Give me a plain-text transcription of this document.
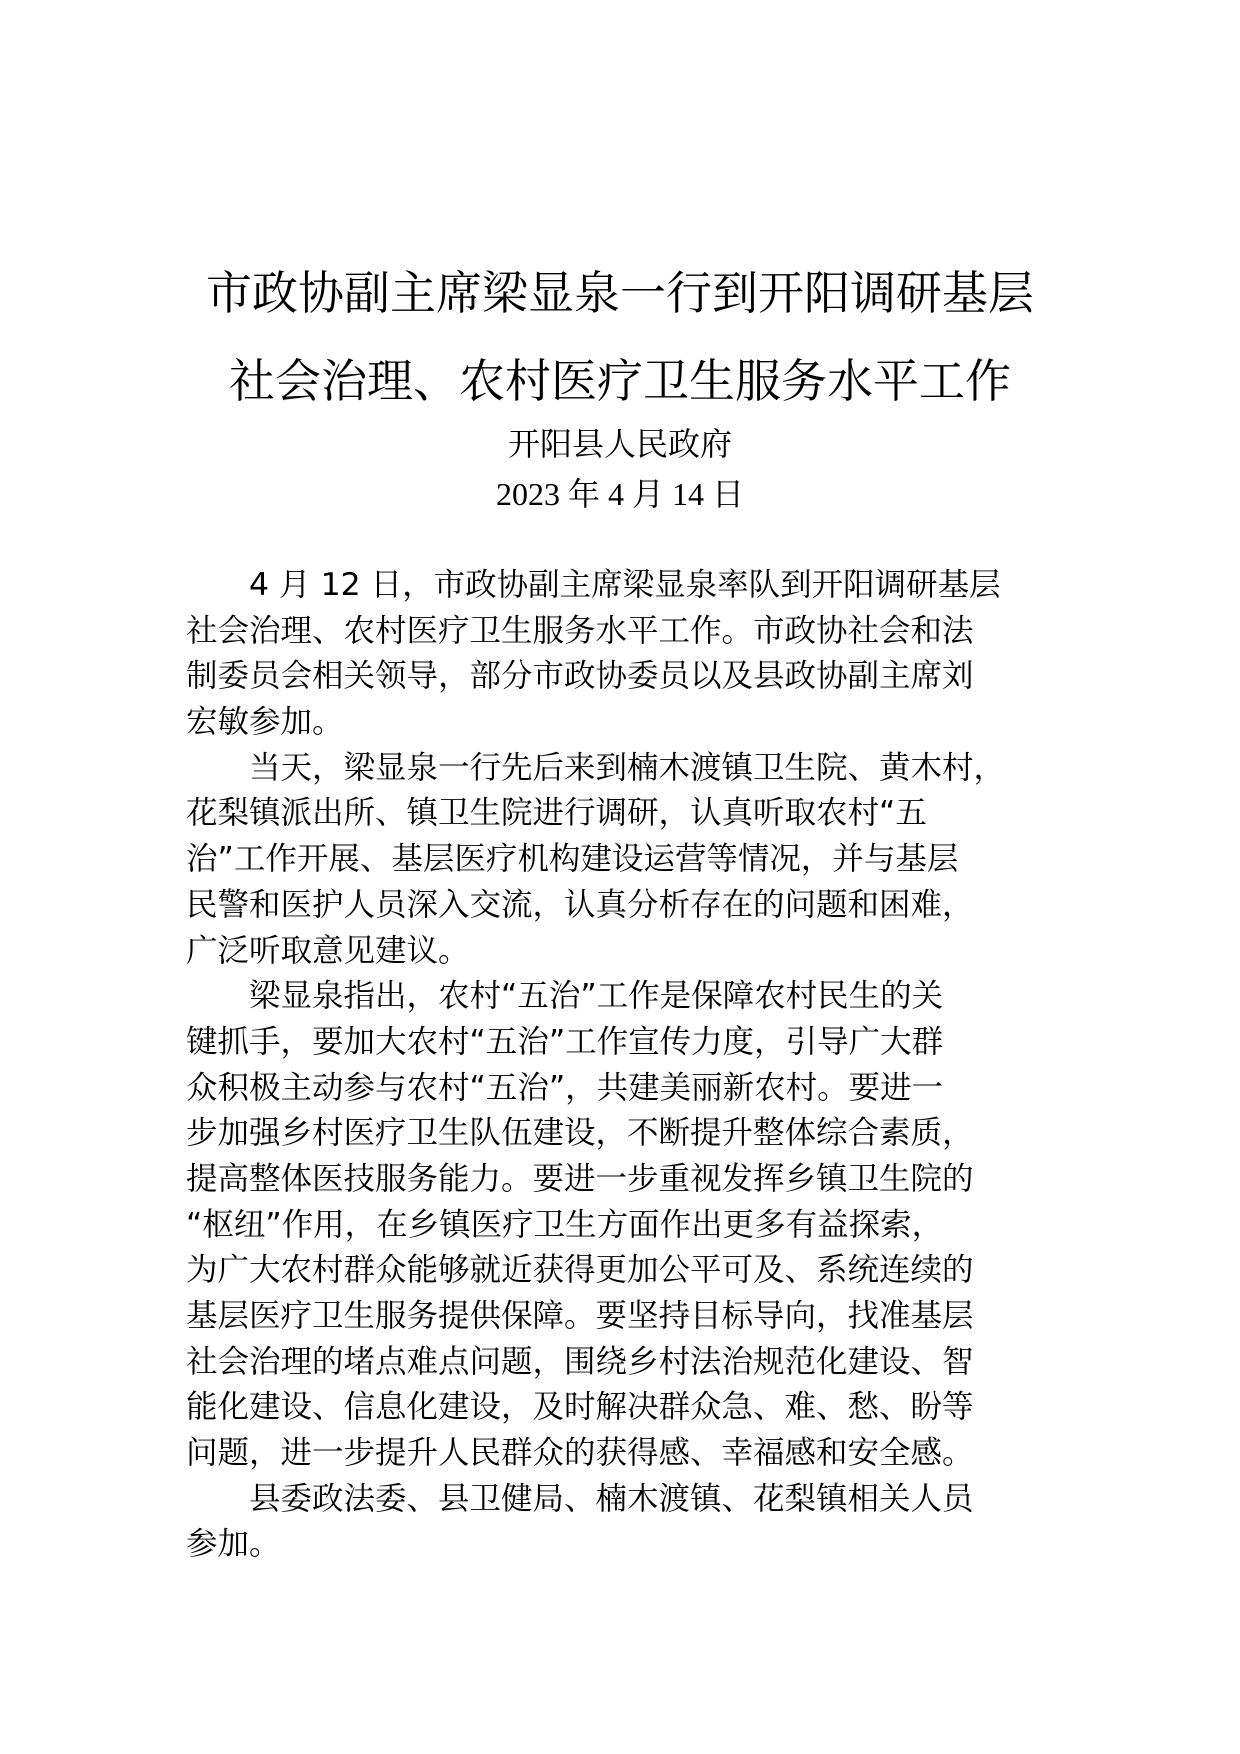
市政协副主席梁显泉一行到开阳调研基层
社会治理、农村医疗卫生服务水平工作
开阳县人民政府
2023 年 4 月 14 日
4 月 12 日，市政协副主席梁显泉率队到开阳调研基层
社会治理、农村医疗卫生服务水平工作。市政协社会和法
制委员会相关领导，部分市政协委员以及县政协副主席刘
宏敏参加。
当天，梁显泉一行先后来到楠木渡镇卫生院、黄木村，
花梨镇派出所、镇卫生院进行调研，认真听取农村“五
治”工作开展、基层医疗机构建设运营等情况，并与基层
民警和医护人员深入交流，认真分析存在的问题和困难，
广泛听取意见建议。
梁显泉指出，农村“五治”工作是保障农村民生的关
键抓手，要加大农村“五治”工作宣传力度，引导广大群
众积极主动参与农村“五治”，共建美丽新农村。要进一
步加强乡村医疗卫生队伍建设，不断提升整体综合素质，
提高整体医技服务能力。要进一步重视发挥乡镇卫生院的
“枢纽”作用，在乡镇医疗卫生方面作出更多有益探索，
为广大农村群众能够就近获得更加公平可及、系统连续的
基层医疗卫生服务提供保障。要坚持目标导向，找准基层
社会治理的堵点难点问题，围绕乡村法治规范化建设、智
能化建设、信息化建设，及时解决群众急、难、愁、盼等
问题，进一步提升人民群众的获得感、幸福感和安全感。
县委政法委、县卫健局、楠木渡镇、花梨镇相关人员
参加。
